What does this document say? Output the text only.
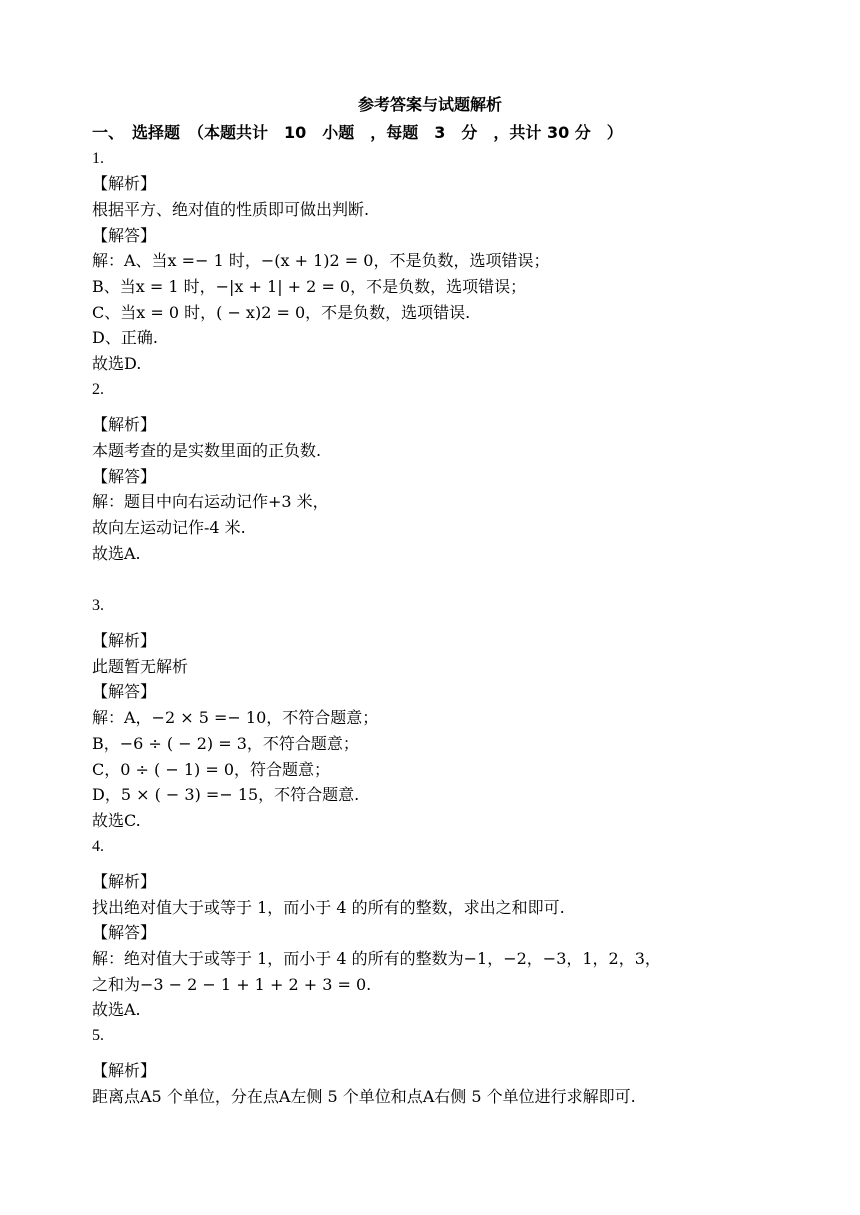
参考答案与试题解析
一、　选择题　（本题共计　10　小题　，每题　3　分　，共计 30 分　）
1.
【解析】
根据平方、绝对值的性质即可做出判断.
【解答】
解：A、当x =− 1 时，−(x + 1)2 = 0，不是负数，选项错误；
B、当x = 1 时，−|x + 1| + 2 = 0，不是负数，选项错误；
C、当x = 0 时，( − x)2 = 0，不是负数，选项错误.
D、正确.
故选D.
2.
【解析】
本题考查的是实数里面的正负数.
【解答】
解：题目中向右运动记作+3 米，
故向左运动记作-4 米.
故选A.
3.
【解析】
此题暂无解析
【解答】
解：A，−2 × 5 =− 10，不符合题意；
B，−6 ÷ ( − 2) = 3，不符合题意；
C，0 ÷ ( − 1) = 0，符合题意；
D，5 × ( − 3) =− 15，不符合题意.
故选C.
4.
【解析】
找出绝对值大于或等于 1，而小于 4 的所有的整数，求出之和即可.
【解答】
解：绝对值大于或等于 1，而小于 4 的所有的整数为−1，−2，−3，1，2，3，
之和为−3 − 2 − 1 + 1 + 2 + 3 = 0.
故选A.
5.
【解析】
距离点A5 个单位，分在点A左侧 5 个单位和点A右侧 5 个单位进行求解即可.
